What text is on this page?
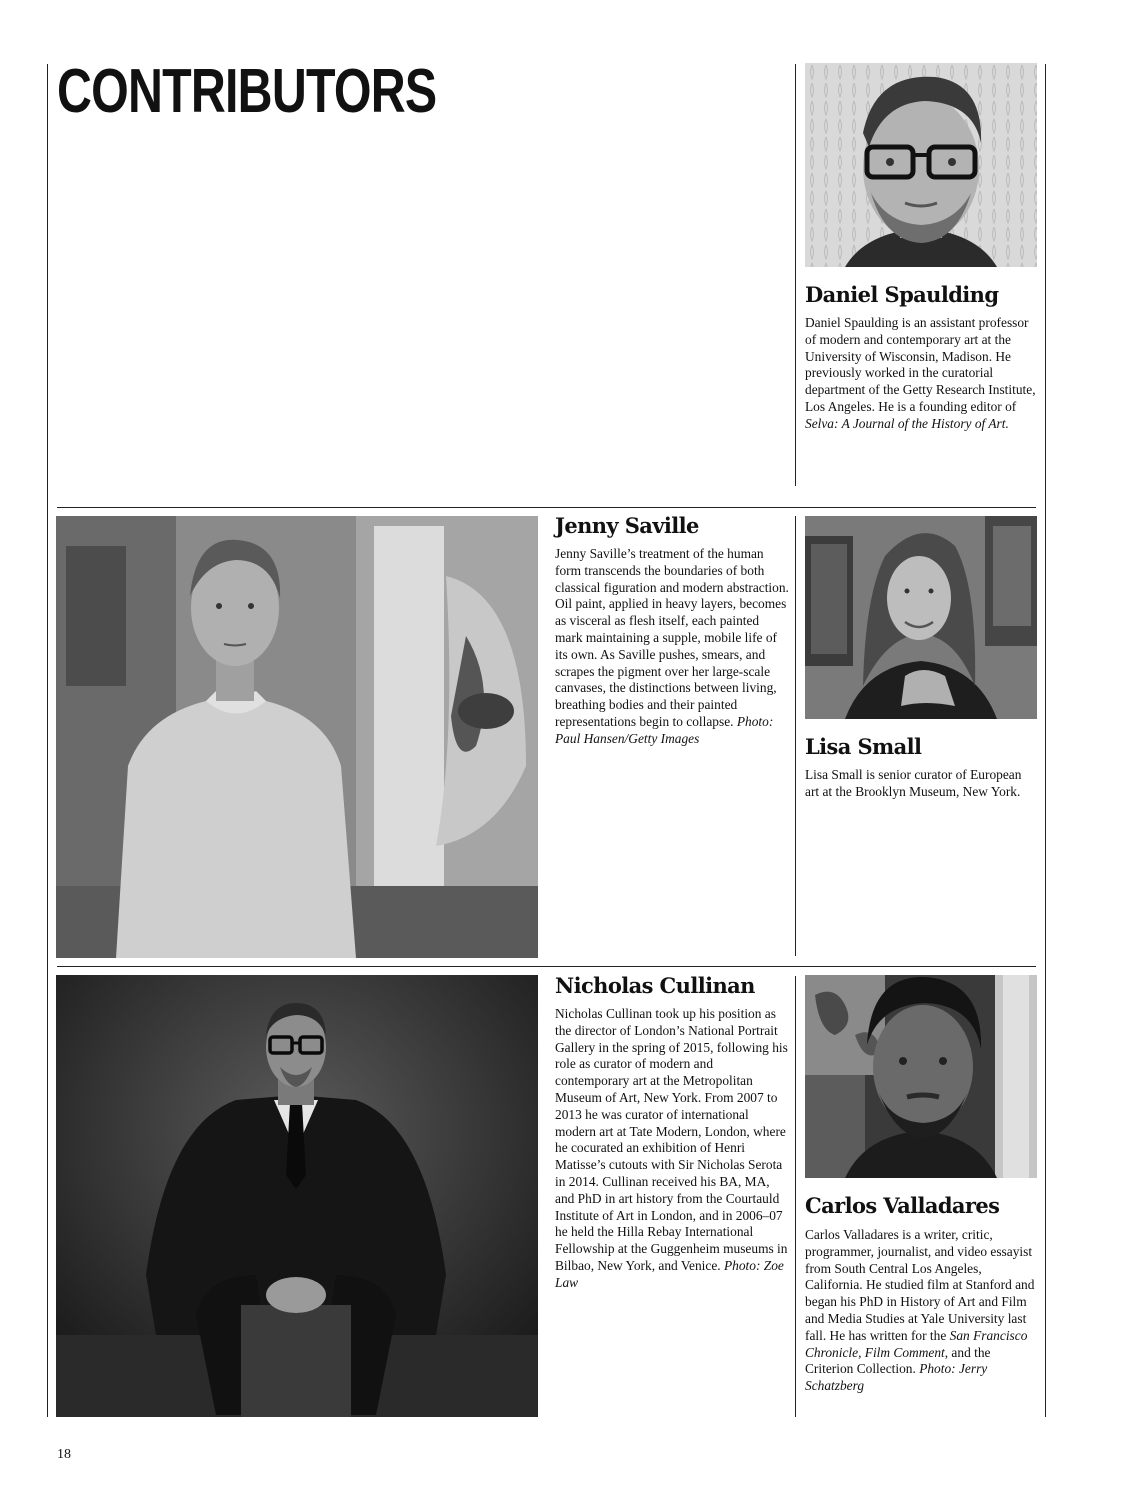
CONTRIBUTORS
Daniel Spaulding

Daniel Spaulding is an assistant professor of modern and contemporary art at the University of Wisconsin, Madison. He previously worked in the curatorial department of the Getty Research Institute, Los Angeles. He is a founding editor of Selva: A Journal of the History of Art.

Jenny Saville

Jenny Saville’s treatment of the human form transcends the boundaries of both classical figuration and modern abstraction. Oil paint, applied in heavy layers, becomes as visceral as flesh itself, each painted mark maintaining a supple, mobile life of its own. As Saville pushes, smears, and scrapes the pigment over her large-scale canvases, the distinctions between living, breathing bodies and their painted representations begin to collapse. Photo: Paul Hansen/Getty Images	Lisa Small

Lisa Small is senior curator of European art at the Brooklyn Museum, New York.

Nicholas Cullinan

Nicholas Cullinan took up his position as the director of London’s National Portrait Gallery in the spring of 2015, following his role as curator of modern and contemporary art at the Metropolitan Museum of Art, New York. From 2007 to 2013 he was curator of international modern art at Tate Modern, London, where he cocurated an exhibition of Henri Matisse’s cutouts with Sir Nicholas Serota in 2014. Cullinan received his BA, MA, and PhD in art history from the Courtauld Institute of Art in London, and in 2006–07 he held the Hilla Rebay International Fellowship at the Guggenheim museums in Bilbao, New York, and Venice. Photo: Zoe Law

Carlos Valladares

Carlos Valladares is a writer, critic, programmer, journalist, and video essayist from South Central Los Angeles, California. He studied film at Stanford and began his PhD in History of Art and Film and Media Studies at Yale University last fall. He has written for the San Francisco Chronicle, Film Comment, and the Criterion Collection. Photo: Jerry Schatzberg

18
